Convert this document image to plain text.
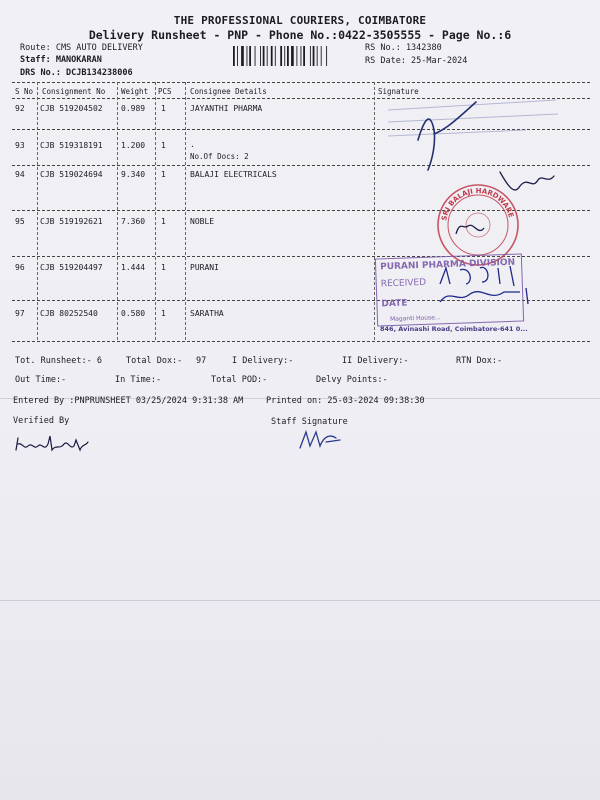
THE PROFESSIONAL COURIERS, COIMBATORE
Delivery Runsheet - PNP - Phone No.:0422-3505555 - Page No.:6
Route: CMS AUTO DELIVERY
Staff: MANOKARAN
DRS No.: DCJB134238006
RS No.: 1342380
RS Date: 25-Mar-2024
S No Consignment No Weight PCS Consignee Details	Signature
92 CJB 519204502 0.989 1	JAYANTHI PHARMA
93 CJB 519318191 1.200 1	.
No.Of Docs: 2
94 CJB 519024694 9.340 1	BALAJI ELECTRICALS
95 CJB 519192621 7.360 1	NOBLE
96 CJB 519204497 1.444 1	PURANI
97 CJB 80252540	0.580 1	SARATHA
SRI BALAJI HARDWARE
PURANI PHARMA DIVISION
RECEIVED
DATE
Maganti House...
846, Avinashi Road, Coimbatore-641 0...
Tot. Runsheet:- 6	Total Dox:- 97	I Delivery:-	II Delivery:-	RTN Dox:-
Out Time:-	In Time:-	Total POD:-	Delvy Points:-
Entered By :PNPRUNSHEET 03/25/2024 9:31:38 AM	Printed on: 25-03-2024 09:38:30
Verified By	Staff Signature
